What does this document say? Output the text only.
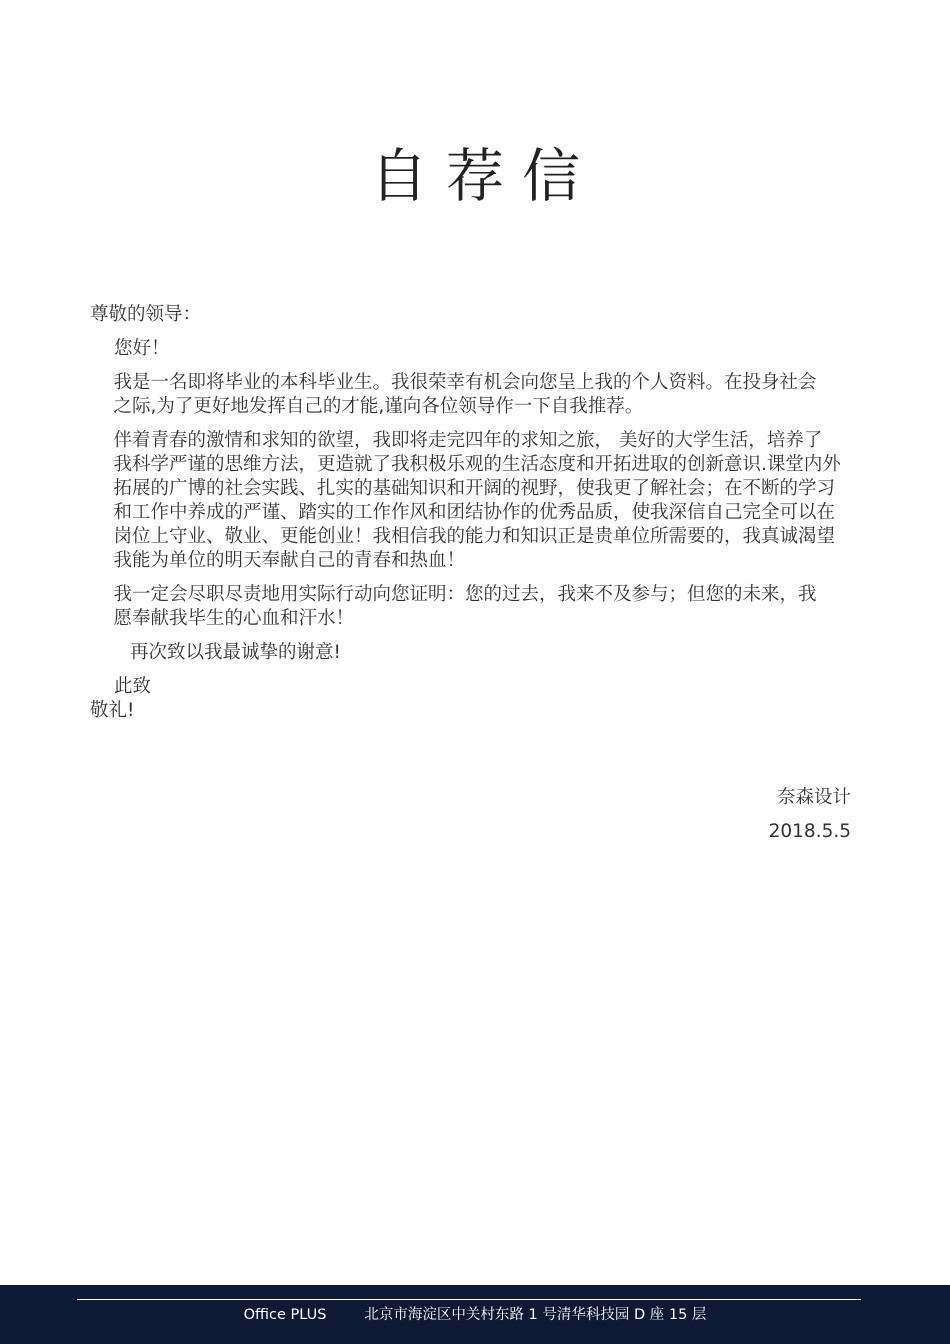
自荐信
尊敬的领导：
您好！
我是一名即将毕业的本科毕业生。我很荣幸有机会向您呈上我的个人资料。在投身社会
之际,为了更好地发挥自己的才能,谨向各位领导作一下自我推荐。
伴着青春的激情和求知的欲望，我即将走完四年的求知之旅， 美好的大学生活，培养了
我科学严谨的思维方法，更造就了我积极乐观的生活态度和开拓进取的创新意识.课堂内外
拓展的广博的社会实践、扎实的基础知识和开阔的视野，使我更了解社会；在不断的学习
和工作中养成的严谨、踏实的工作作风和团结协作的优秀品质，使我深信自己完全可以在
岗位上守业、敬业、更能创业！我相信我的能力和知识正是贵单位所需要的，我真诚渴望
我能为单位的明天奉献自己的青春和热血！
我一定会尽职尽责地用实际行动向您证明：您的过去，我来不及参与；但您的未来，我
愿奉献我毕生的心血和汗水！
再次致以我最诚挚的谢意!
此致
敬礼!
奈森设计
2018.5.5
Office PLUS	北京市海淀区中关村东路 1 号清华科技园 D 座 15 层
